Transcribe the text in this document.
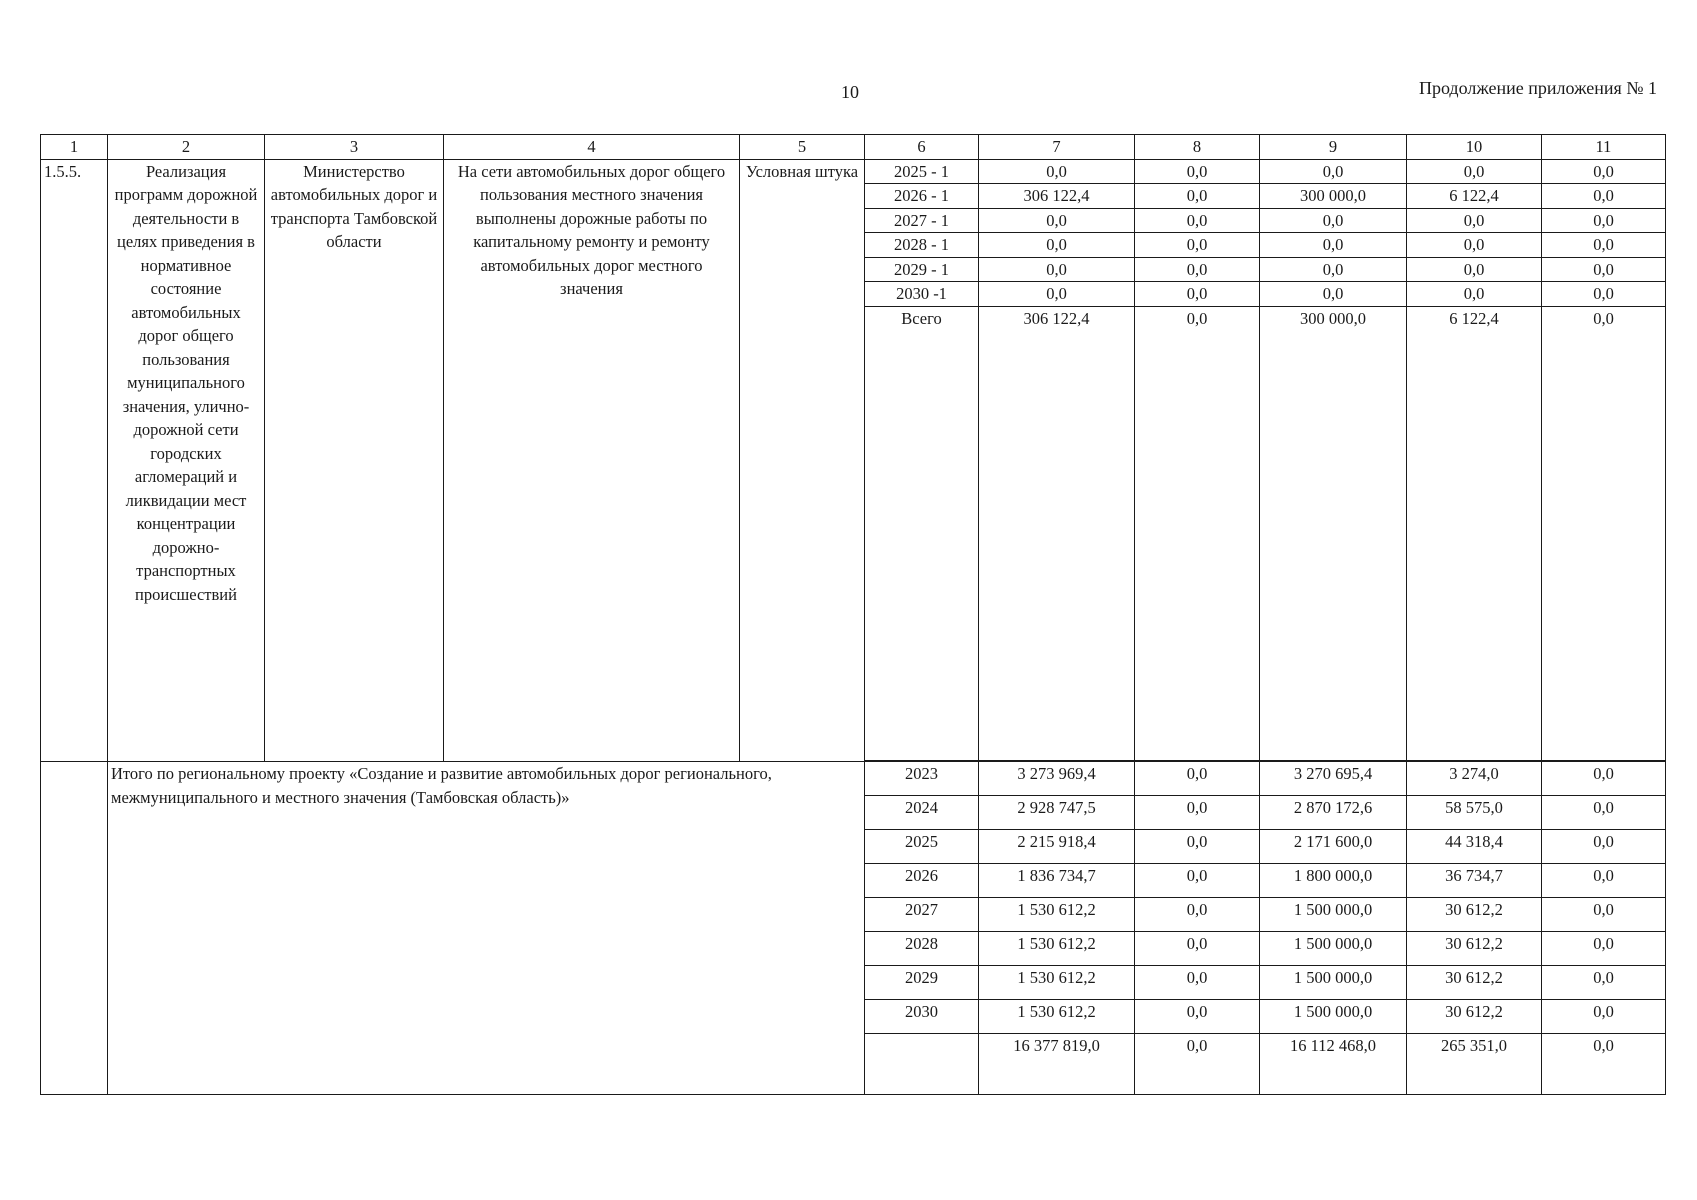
10	Продолжение приложения № 1
1	2	3	4	5	6	7	8	9	10	11
1.5.5.	Реализация программ дорожной деятельности в целях приведения в нормативное состояние автомобильных дорог общего пользования муниципального значения, улично-дорожной сети городских агломераций и ликвидации мест концентрации дорожно-транспортных происшествий	Министерство автомобильных дорог и транспорта Тамбовской области	На сети автомобильных дорог общего пользования местного значения выполнены дорожные работы по капитальному ремонту и ремонту автомобильных дорог местного значения	Условная штука	2025 - 1	0,0	0,0	0,0	0,0	0,0
					2026 - 1	306 122,4	0,0	300 000,0	6 122,4	0,0
					2027 - 1	0,0	0,0	0,0	0,0	0,0
					2028 - 1	0,0	0,0	0,0	0,0	0,0
					2029 - 1	0,0	0,0	0,0	0,0	0,0
					2030 -1	0,0	0,0	0,0	0,0	0,0
					Всего	306 122,4	0,0	300 000,0	6 122,4	0,0

	Итого по региональному проекту «Создание и развитие автомобильных дорог регионального, межмуниципального и местного значения (Тамбовская область)»				2023	3 273 969,4	0,0	3 270 695,4	3 274,0	0,0
					2024	2 928 747,5	0,0	2 870 172,6	58 575,0	0,0
					2025	2 215 918,4	0,0	2 171 600,0	44 318,4	0,0
					2026	1 836 734,7	0,0	1 800 000,0	36 734,7	0,0
					2027	1 530 612,2	0,0	1 500 000,0	30 612,2	0,0
					2028	1 530 612,2	0,0	1 500 000,0	30 612,2	0,0
					2029	1 530 612,2	0,0	1 500 000,0	30 612,2	0,0
					2030	1 530 612,2	0,0	1 500 000,0	30 612,2	0,0
						16 377 819,0	0,0	16 112 468,0	265 351,0	0,0
